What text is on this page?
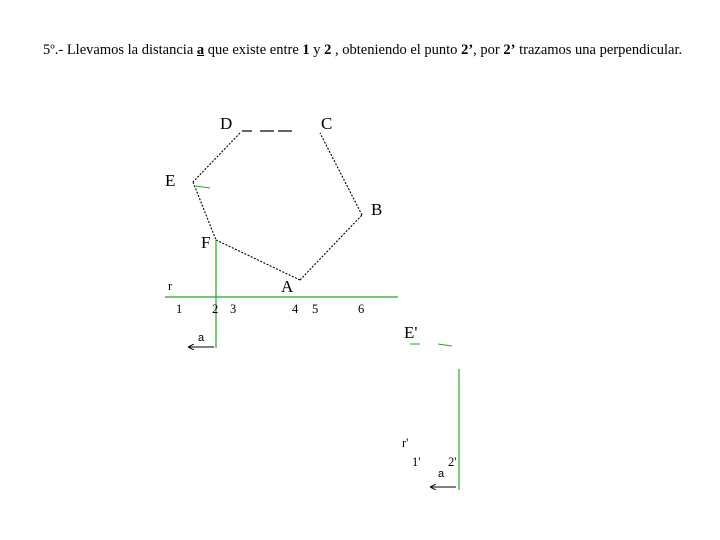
5º.- Llevamos la distancia a que existe entre 1 y 2 , obteniendo el punto 2’, por 2’ trazamos una perpendicular.

D	C
E
B
F
A
r
1 2 3	4 5	6
a	E'
r'
1' 2'
a
